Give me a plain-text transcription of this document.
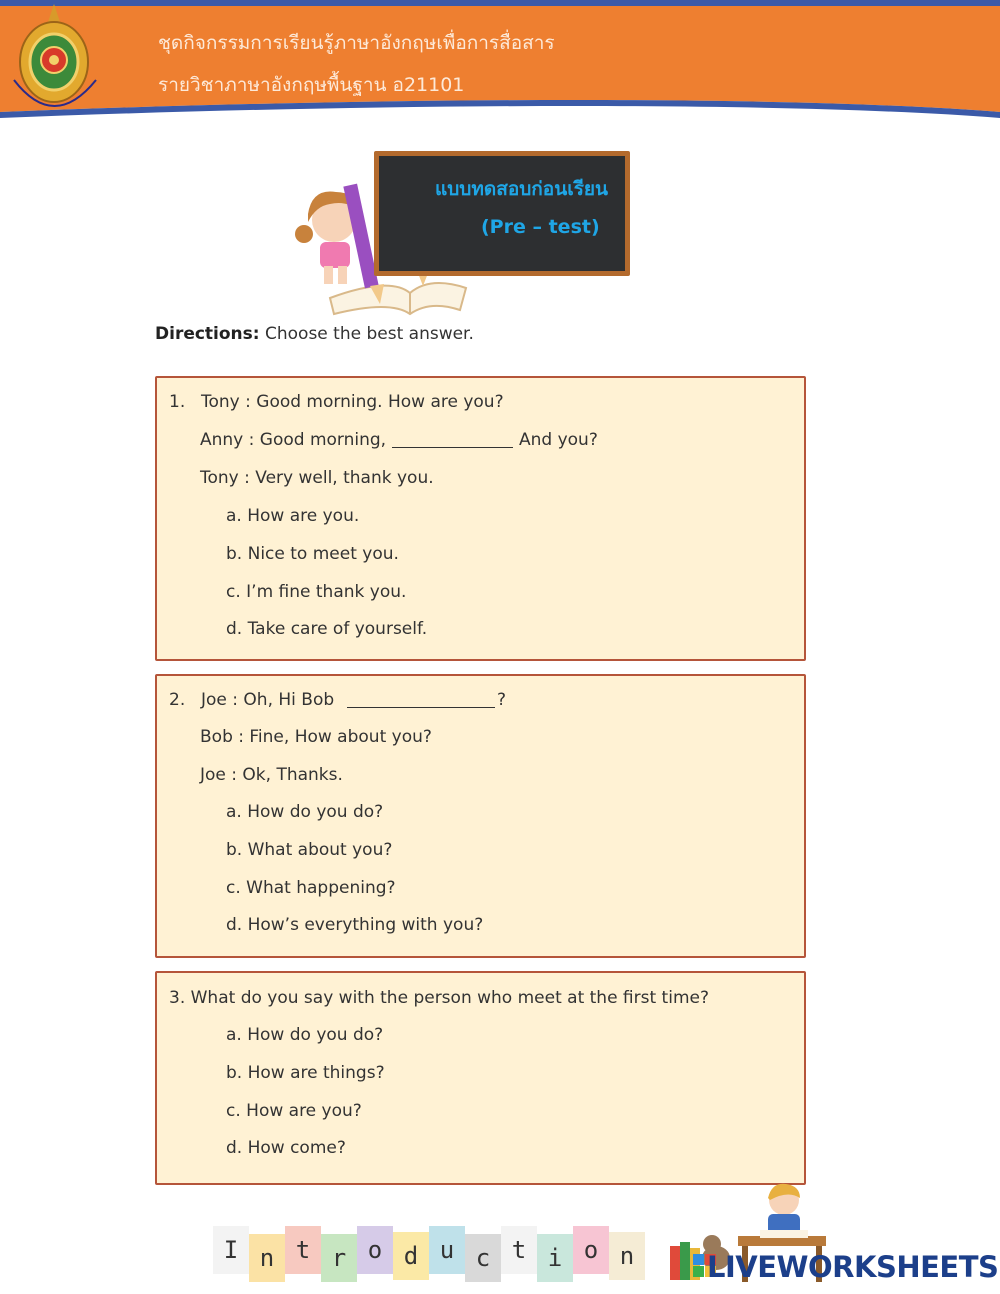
ชุดกิจกรรมการเรียนรู้ภาษาอังกฤษเพื่อการสื่อสาร
รายวิชาภาษาอังกฤษพื้นฐาน อ21101
แบบทดสอบก่อนเรียน
(Pre – test)
Directions: Choose the best answer.
1. Tony : Good morning. How are you?
Anny : Good morning,	And you?
Tony : Very well, thank you.
a. How are you.
b. Nice to meet you.
c. I’m fine thank you.
d. Take care of yourself.
2. Joe : Oh, Hi Bob	?
Bob : Fine, How about you?
Joe : Ok, Thanks.
a. How do you do?
b. What about you?
c. What happening?
d. How’s everything with you?
3. What do you say with the person who meet at the first time?
a. How do you do?
b. How are things?
c. How are you?
d. How come?
I n t r o d u c t i o n	LIVEWORKSHEETS
